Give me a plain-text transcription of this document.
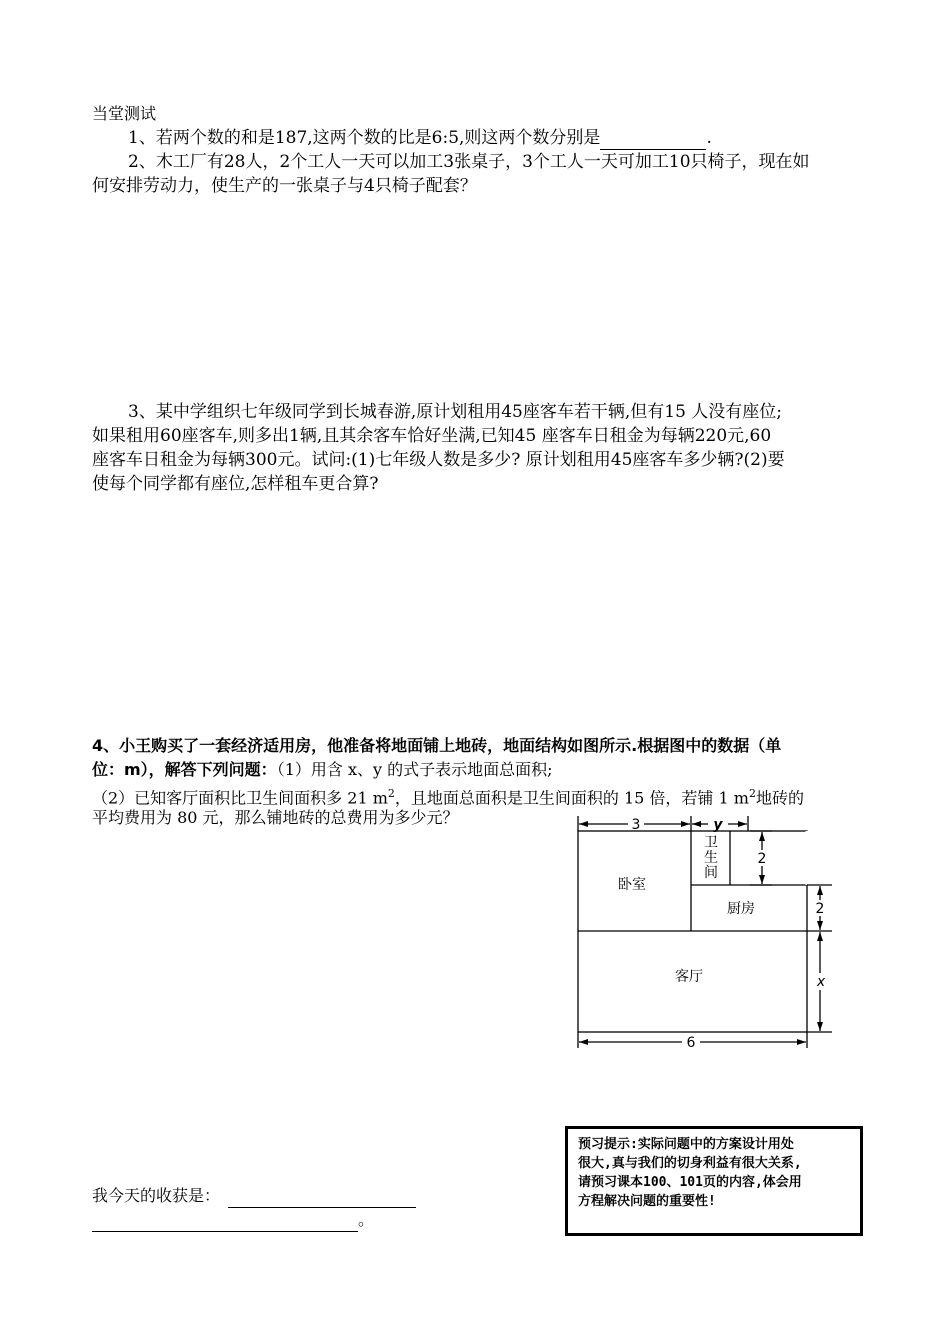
当堂测试
1、若两个数的和是187,这两个数的比是6:5,则这两个数分别是	.
2、木工厂有28人，2个工人一天可以加工3张桌子，3个工人一天可加工10只椅子，现在如
何安排劳动力，使生产的一张桌子与4只椅子配套？
3、某中学组织七年级同学到长城春游,原计划租用45座客车若干辆,但有15 人没有座位;
如果租用60座客车,则多出1辆,且其余客车恰好坐满,已知45 座客车日租金为每辆220元,60
座客车日租金为每辆300元。试问:(1)七年级人数是多少? 原计划租用45座客车多少辆?(2)要
使每个同学都有座位,怎样租车更合算?
4、小王购买了一套经济适用房，他准备将地面铺上地砖，地面结构如图所示.根据图中的数据（单
位：m），解答下列问题：（1）用含 x、y 的式子表示地面总面积;
（2）已知客厅面积比卫生间面积多 21 $m^2$，且地面总面积是卫生间面积的 15 倍，若铺 1 $m^2$地砖的
平均费用为 80 元，那么铺地砖的总费用为多少元？
卧室
卫
生
间
厨房
客厅
3	y
2
2
x
6
我今天的收获是：
。
预习提示:实际问题中的方案设计用处
很大,真与我们的切身利益有很大关系,
请预习课本100、101页的内容,体会用
方程解决问题的重要性!
